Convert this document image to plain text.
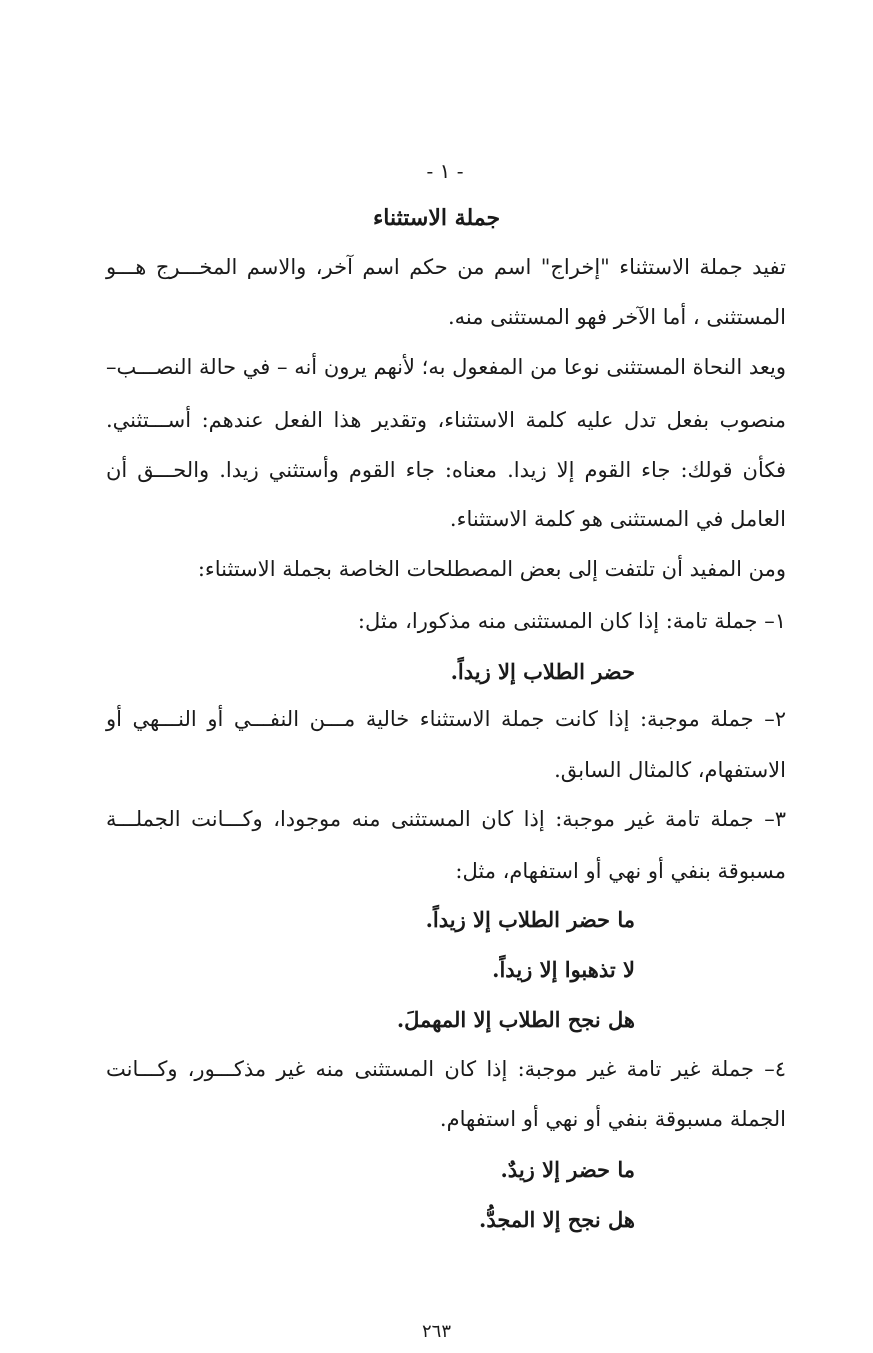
- ١ -
جملة الاستثناء
تفيد جملة الاستثناء "إخراج" اسم من حكم اسم آخر، والاسم المخـــرج هـــو
المستثنى ، أما الآخر فهو المستثنى منه.
ويعد النحاة المستثنى نوعا من المفعول به؛ لأنهم يرون أنه – في حالة النصـــب–
منصوب بفعل تدل عليه كلمة الاستثناء، وتقدير هذا الفعل عندهم: أســـتثني.
فكأن قولك: جاء القوم إلا زيدا. معناه: جاء القوم وأستثني زيدا. والحـــق أن
العامل في المستثنى هو كلمة الاستثناء.
ومن المفيد أن تلتفت إلى بعض المصطلحات الخاصة بجملة الاستثناء:
١– جملة تامة: إذا كان المستثنى منه مذكورا، مثل:
حضر الطلاب إلا زيداً.
٢– جملة موجبة: إذا كانت جملة الاستثناء خالية مـــن النفـــي أو النـــهي أو
الاستفهام، كالمثال السابق.
٣– جملة تامة غير موجبة: إذا كان المستثنى منه موجودا، وكـــانت الجملـــة
مسبوقة بنفي أو نهي أو استفهام، مثل:
ما حضر الطلاب إلا زيداً.
لا تذهبوا إلا زيداً.
هل نجح الطلاب إلا المهملَ.
٤– جملة غير تامة غير موجبة: إذا كان المستثنى منه غير مذكـــور، وكـــانت
الجملة مسبوقة بنفي أو نهي أو استفهام.
ما حضر إلا زيدٌ.
هل نجح إلا المجدُّ.
٢٦٣
